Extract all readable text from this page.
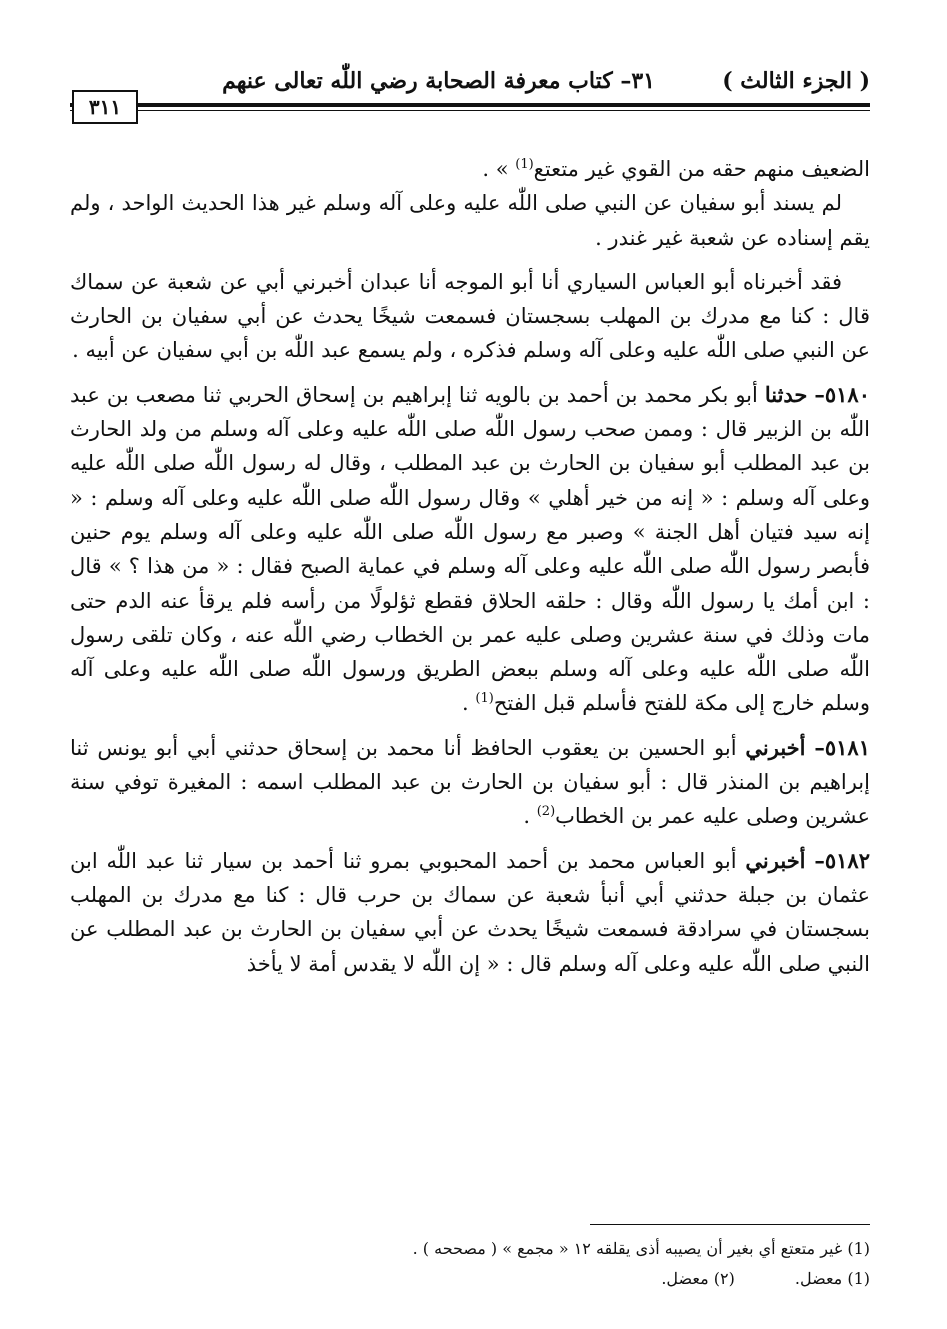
( الجزء الثالث )
٣١– كتاب معرفة الصحابة رضي اللّٰه تعالى عنهم
٣١١

الضعيف منهم حقه من القوي غير متعتع$^{(1)}$ » .

لم يسند أبو سفيان عن النبي صلى اللّٰه عليه وعلى آله وسلم غير هذا الحديث الواحد ، ولم يقم إسناده عن شعبة غير غندر .

فقد أخبرناه أبو العباس السياري أنا أبو الموجه أنا عبدان أخبرني أبي عن شعبة عن سماك قال : كنا مع مدرك بن المهلب بسجستان فسمعت شيخًا يحدث عن أبي سفيان بن الحارث عن النبي صلى اللّٰه عليه وعلى آله وسلم فذكره ، ولم يسمع عبد اللّٰه بن أبي سفيان عن أبيه .

٥١٨٠– حدثنا أبو بكر محمد بن أحمد بن بالويه ثنا إبراهيم بن إسحاق الحربي ثنا مصعب بن عبد اللّٰه بن الزبير قال : وممن صحب رسول اللّٰه صلى اللّٰه عليه وعلى آله وسلم من ولد الحارث بن عبد المطلب أبو سفيان بن الحارث بن عبد المطلب ، وقال له رسول اللّٰه صلى اللّٰه عليه وعلى آله وسلم : « إنه من خير أهلي » وقال رسول اللّٰه صلى اللّٰه عليه وعلى آله وسلم : « إنه سيد فتيان أهل الجنة » وصبر مع رسول اللّٰه صلى اللّٰه عليه وعلى آله وسلم يوم حنين فأبصر رسول اللّٰه صلى اللّٰه عليه وعلى آله وسلم في عماية الصبح فقال : « من هذا ؟ » قال : ابن أمك يا رسول اللّٰه وقال : حلقه الحلاق فقطع ثؤلولًا من رأسه فلم يرقأ عنه الدم حتى مات وذلك في سنة عشرين وصلى عليه عمر بن الخطاب رضي اللّٰه عنه ، وكان تلقى رسول اللّٰه صلى اللّٰه عليه وعلى آله وسلم ببعض الطريق ورسول اللّٰه صلى اللّٰه عليه وعلى آله وسلم خارج إلى مكة للفتح فأسلم قبل الفتح$^{(1)}$ .

٥١٨١– أخبرني أبو الحسين بن يعقوب الحافظ أنا محمد بن إسحاق حدثني أبي أبو يونس ثنا إبراهيم بن المنذر قال : أبو سفيان بن الحارث بن عبد المطلب اسمه : المغيرة توفي سنة عشرين وصلى عليه عمر بن الخطاب$^{(2)}$ .

٥١٨٢– أخبرني أبو العباس محمد بن أحمد المحبوبي بمرو ثنا أحمد بن سيار ثنا عبد اللّٰه ابن عثمان بن جبلة حدثني أبي أنبأ شعبة عن سماك بن حرب قال : كنا مع مدرك بن المهلب بسجستان في سرادقة فسمعت شيخًا يحدث عن أبي سفيان بن الحارث بن عبد المطلب عن النبي صلى اللّٰه عليه وعلى آله وسلم قال : « إن اللّٰه لا يقدس أمة لا يأخذ

(1) غير متعتع أي بغير أن يصيبه أذى يقلقه ١٢ « مجمع » ( مصححه ) .
(1) معضل.(٢) معضل.
